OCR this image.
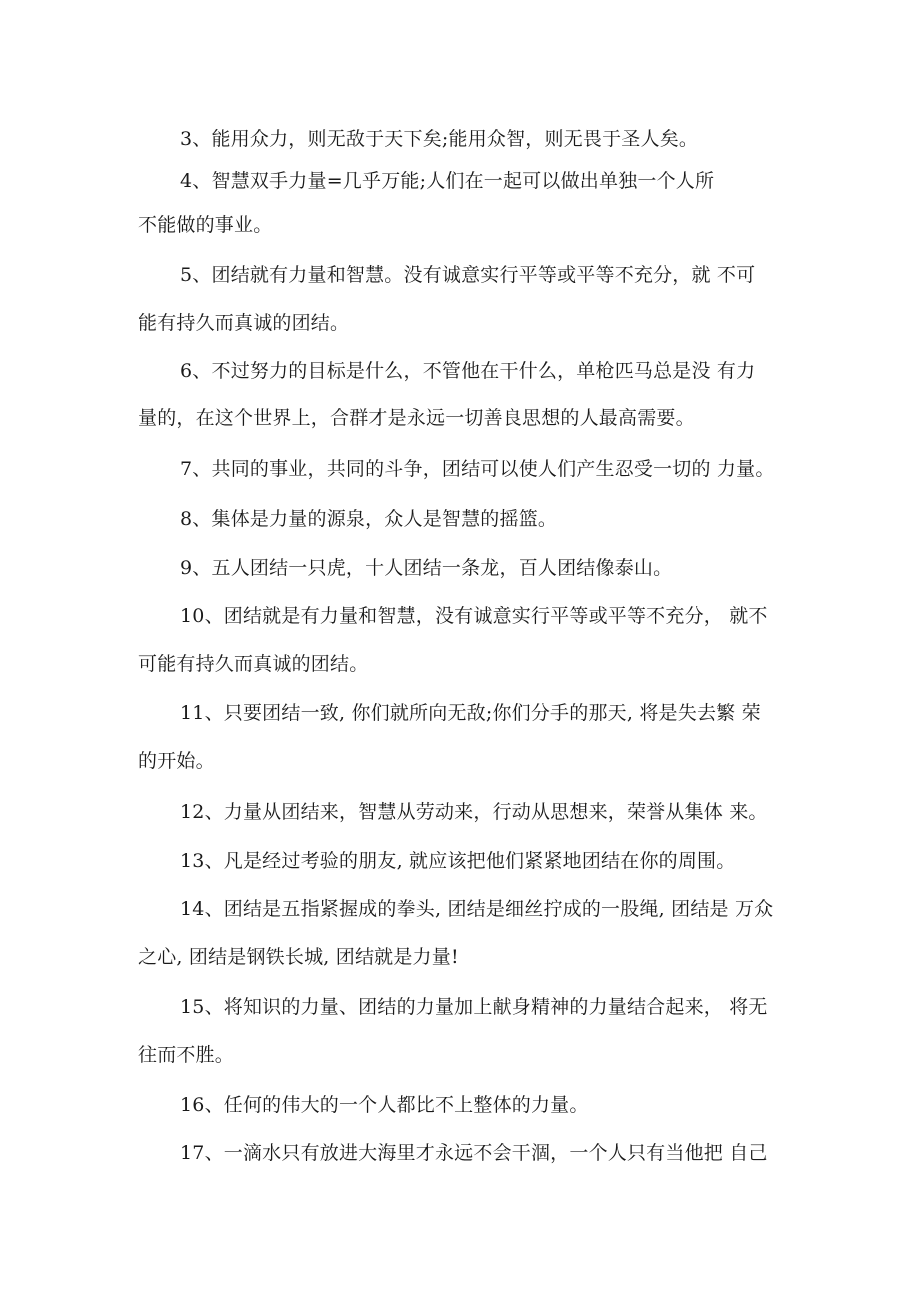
3、能用众力，则无敌于天下矣;能用众智，则无畏于圣人矣。
4、智慧双手力量=几乎万能;人们在一起可以做出单独一个人所
不能做的事业。
5、团结就有力量和智慧。没有诚意实行平等或平等不充分，就 不可
能有持久而真诚的团结。
6、不过努力的目标是什么，不管他在干什么，单枪匹马总是没 有力
量的，在这个世界上，合群才是永远一切善良思想的人最高需要。
7、共同的事业，共同的斗争，团结可以使人们产生忍受一切的 力量。
8、集体是力量的源泉，众人是智慧的摇篮。
9、五人团结一只虎，十人团结一条龙，百人团结像泰山。
10、团结就是有力量和智慧，没有诚意实行平等或平等不充分， 就不
可能有持久而真诚的团结。
11、只要团结一致, 你们就所向无敌;你们分手的那天, 将是失去繁 荣
的开始。
12、力量从团结来，智慧从劳动来，行动从思想来，荣誉从集体 来。
13、凡是经过考验的朋友, 就应该把他们紧紧地团结在你的周围。
14、团结是五指紧握成的拳头, 团结是细丝拧成的一股绳, 团结是 万众
之心, 团结是钢铁长城, 团结就是力量!
15、将知识的力量、团结的力量加上献身精神的力量结合起来， 将无
往而不胜。
16、任何的伟大的一个人都比不上整体的力量。
17、一滴水只有放进大海里才永远不会干涸，一个人只有当他把 自己
